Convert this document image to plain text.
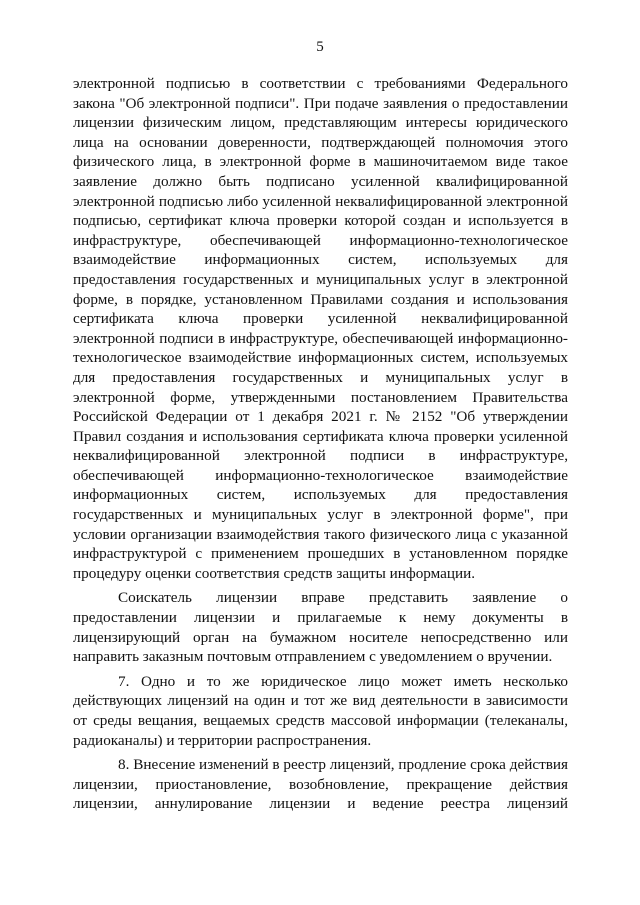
5

электронной подписью в соответствии с требованиями Федерального закона "Об электронной подписи". При подаче заявления о предоставлении лицензии физическим лицом, представляющим интересы юридического лица на основании доверенности, подтверждающей полномочия этого физического лица, в электронной форме в машиночитаемом виде такое заявление должно быть подписано усиленной квалифицированной электронной подписью либо усиленной неквалифицированной электронной подписью, сертификат ключа проверки которой создан и используется в инфраструктуре, обеспечивающей информационно-технологическое взаимодействие информационных систем, используемых для предоставления государственных и муниципальных услуг в электронной форме, в порядке, установленном Правилами создания и использования сертификата ключа проверки усиленной неквалифицированной электронной подписи в инфраструктуре, обеспечивающей информационно-технологическое взаимодействие информационных систем, используемых для предоставления государственных и муниципальных услуг в электронной форме, утвержденными постановлением Правительства Российской Федерации от 1 декабря 2021 г. № 2152 "Об утверждении Правил создания и использования сертификата ключа проверки усиленной неквалифицированной электронной подписи в инфраструктуре, обеспечивающей информационно-технологическое взаимодействие информационных систем, используемых для предоставления государственных и муниципальных услуг в электронной форме", при условии организации взаимодействия такого физического лица с указанной инфраструктурой с применением прошедших в установленном порядке процедуру оценки соответствия средств защиты информации.

Соискатель лицензии вправе представить заявление о предоставлении лицензии и прилагаемые к нему документы в лицензирующий орган на бумажном носителе непосредственно или направить заказным почтовым отправлением с уведомлением о вручении.

7. Одно и то же юридическое лицо может иметь несколько действующих лицензий на один и тот же вид деятельности в зависимости от среды вещания, вещаемых средств массовой информации (телеканалы, радиоканалы) и территории распространения.

8. Внесение изменений в реестр лицензий, продление срока действия лицензии, приостановление, возобновление, прекращение действия лицензии, аннулирование лицензии и ведение реестра лицензий
